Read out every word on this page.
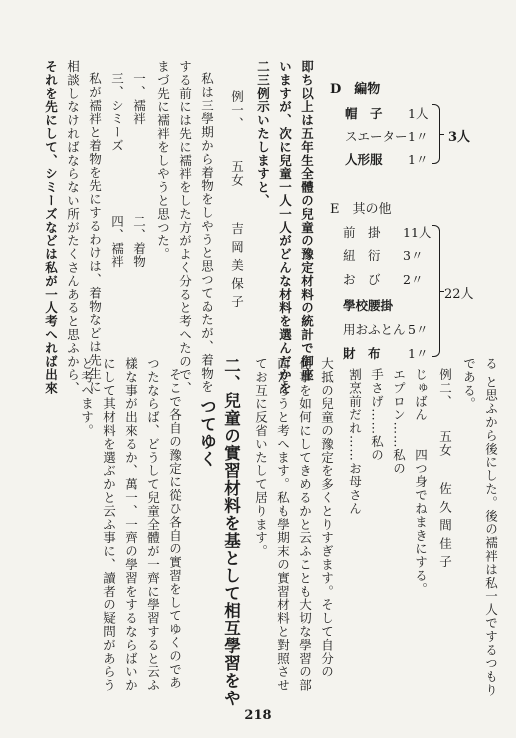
る と思ふから後にした。後の襦袢は私一人でするつもり
である。
例二、
五女
佐 久 間 佳 子
じゅばん　　四つ身でねまきにする。
エプロン……私の
手さげ……私の
割烹前だれ……お母さん
大抵の兒童の豫定を多くとりすぎます。そして自分の
仕事を如何にしてきめるかと云ふことも大切な學習の部
面だらうと考へます。私も學期末の實習材料と對照させ
てお互に反省いたして居ります。
二、兒童の實習材料を基として相互學習をや
つてゆく
そこで各自の豫定に從ひ各自の實習をしてゆくのであ
つたならば、どうして兒童全體が一齊に學習すると云ふ
樣な事が出來るか、萬一、一齊の學習をするならばいか
にして其材料を選ぶかと云ふ事に、讀者の疑問があらう
と考へます。
D　編物
帽　子 1人
スエーター 1〃
人形服 1〃
3人
E　其の他
前　掛 11人
紐　衍 3〃
お　び 2〃
學校腰掛
用おふとん 5〃
財　布 1〃
22人
即ち以上は五年生全體の兒童の豫定材料の統計で御座
いますが、次に兒童一人一人がどんな材料を選んだかを
二三例示いたしますと、
例一、
五女
吉 岡 美 保 子
私は三學期から着物をしやうと思つてゐたが、着物を
する前には先に襦袢をした方がよく分ると考へたので、
まづ先に襦袢をしやうと思つた。
一、襦袢
二、着物
三、シミーズ
四、襦袢
私が襦袢と着物を先にするわけは、着物などは先生に
相談しなければならない所がたくさんあると思ふから、
それを先にして、シミーズなどは私が一人考へれば出來
218
